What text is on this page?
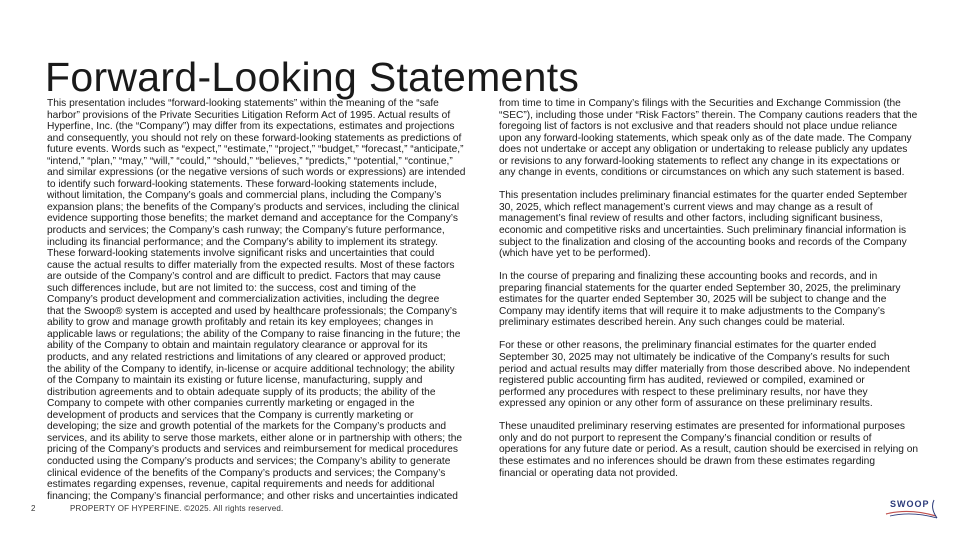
Forward-Looking Statements
This presentation includes “forward-looking statements” within the meaning of the “safe
harbor” provisions of the Private Securities Litigation Reform Act of 1995. Actual results of
Hyperfine, Inc. (the “Company”) may differ from its expectations, estimates and projections
and consequently, you should not rely on these forward-looking statements as predictions of
future events. Words such as “expect,” “estimate,” “project,” “budget,” “forecast,” “anticipate,”
“intend,” “plan,” “may,” “will,” “could,” “should,” “believes,” “predicts,” “potential,” “continue,”
and similar expressions (or the negative versions of such words or expressions) are intended
to identify such forward-looking statements. These forward-looking statements include,
without limitation, the Company’s goals and commercial plans, including the Company’s
expansion plans; the benefits of the Company’s products and services, including the clinical
evidence supporting those benefits; the market demand and acceptance for the Company’s
products and services; the Company’s cash runway; the Company’s future performance,
including its financial performance; and the Company’s ability to implement its strategy.
These forward-looking statements involve significant risks and uncertainties that could
cause the actual results to differ materially from the expected results. Most of these factors
are outside of the Company’s control and are difficult to predict. Factors that may cause
such differences include, but are not limited to: the success, cost and timing of the
Company’s product development and commercialization activities, including the degree
that the Swoop® system is accepted and used by healthcare professionals; the Company’s
ability to grow and manage growth profitably and retain its key employees; changes in
applicable laws or regulations; the ability of the Company to raise financing in the future; the
ability of the Company to obtain and maintain regulatory clearance or approval for its
products, and any related restrictions and limitations of any cleared or approved product;
the ability of the Company to identify, in-license or acquire additional technology; the ability
of the Company to maintain its existing or future license, manufacturing, supply and
distribution agreements and to obtain adequate supply of its products; the ability of the
Company to compete with other companies currently marketing or engaged in the
development of products and services that the Company is currently marketing or
developing; the size and growth potential of the markets for the Company’s products and
services, and its ability to serve those markets, either alone or in partnership with others; the
pricing of the Company’s products and services and reimbursement for medical procedures
conducted using the Company’s products and services; the Company’s ability to generate
clinical evidence of the benefits of the Company’s products and services; the Company’s
estimates regarding expenses, revenue, capital requirements and needs for additional
financing; the Company’s financial performance; and other risks and uncertainties indicated
from time to time in Company’s filings with the Securities and Exchange Commission (the
“SEC”), including those under “Risk Factors” therein. The Company cautions readers that the
foregoing list of factors is not exclusive and that readers should not place undue reliance
upon any forward-looking statements, which speak only as of the date made. The Company
does not undertake or accept any obligation or undertaking to release publicly any updates
or revisions to any forward-looking statements to reflect any change in its expectations or
any change in events, conditions or circumstances on which any such statement is based.
This presentation includes preliminary financial estimates for the quarter ended September
30, 2025, which reflect management’s current views and may change as a result of
management’s final review of results and other factors, including significant business,
economic and competitive risks and uncertainties. Such preliminary financial information is
subject to the finalization and closing of the accounting books and records of the Company
(which have yet to be performed).
In the course of preparing and finalizing these accounting books and records, and in
preparing financial statements for the quarter ended September 30, 2025, the preliminary
estimates for the quarter ended September 30, 2025 will be subject to change and the
Company may identify items that will require it to make adjustments to the Company’s
preliminary estimates described herein. Any such changes could be material.
For these or other reasons, the preliminary financial estimates for the quarter ended
September 30, 2025 may not ultimately be indicative of the Company’s results for such
period and actual results may differ materially from those described above. No independent
registered public accounting firm has audited, reviewed or compiled, examined or
performed any procedures with respect to these preliminary results, nor have they
expressed any opinion or any other form of assurance on these preliminary results.
These unaudited preliminary reserving estimates are presented for informational purposes
only and do not purport to represent the Company’s financial condition or results of
operations for any future date or period. As a result, caution should be exercised in relying on
these estimates and no inferences should be drawn from these estimates regarding
financial or operating data not provided.
2	PROPERTY OF HYPERFINE. ©2025. All rights reserved.	SWOOP
